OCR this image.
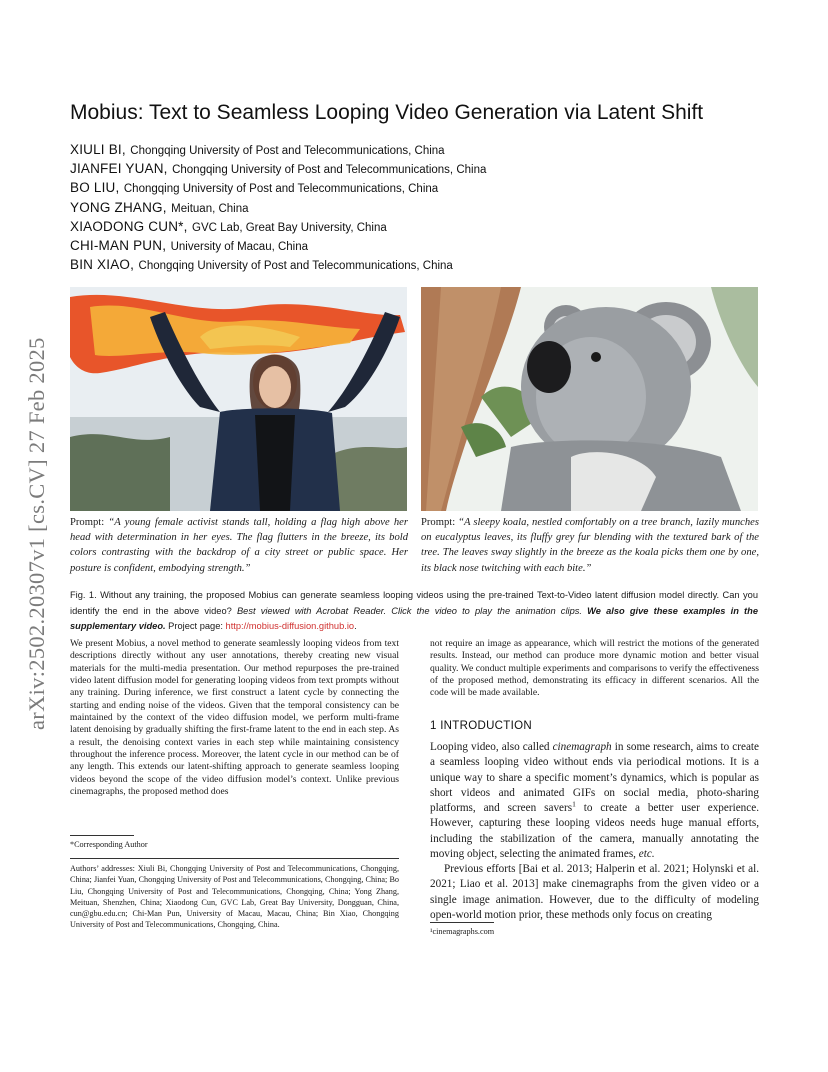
arXiv:2502.20307v1 [cs.CV] 27 Feb 2025
Mobius: Text to Seamless Looping Video Generation via Latent Shift
XIULI BI, Chongqing University of Post and Telecommunications, China
JIANFEI YUAN, Chongqing University of Post and Telecommunications, China
BO LIU, Chongqing University of Post and Telecommunications, China
YONG ZHANG, Meituan, China
XIAODONG CUN*, GVC Lab, Great Bay University, China
CHI-MAN PUN, University of Macau, China
BIN XIAO, Chongqing University of Post and Telecommunications, China
Prompt: “A young female activist stands tall, holding a flag high above her head with determination in her eyes. The flag flutters in the breeze, its bold colors contrasting with the backdrop of a city street or public space. Her posture is confident, embodying strength.”
Prompt: “A sleepy koala, nestled comfortably on a tree branch, lazily munches on eucalyptus leaves, its fluffy grey fur blending with the textured bark of the tree. The leaves sway slightly in the breeze as the koala picks them one by one, its black nose twitching with each bite.”
Fig. 1. Without any training, the proposed Mobius can generate seamless looping videos using the pre-trained Text-to-Video latent diffusion model directly. Can you identify the end in the above video? Best viewed with Acrobat Reader. Click the video to play the animation clips. We also give these examples in the supplementary video. Project page: http://mobius-diffusion.github.io.
We present Mobius, a novel method to generate seamlessly looping videos from text descriptions directly without any user annotations, thereby creating new visual materials for the multi-media presentation. Our method repurposes the pre-trained video latent diffusion model for generating looping videos from text prompts without any training. During inference, we first construct a latent cycle by connecting the starting and ending noise of the videos. Given that the temporal consistency can be maintained by the context of the video diffusion model, we perform multi-frame latent denoising by gradually shifting the first-frame latent to the end in each step. As a result, the denoising context varies in each step while maintaining consistency throughout the inference process. Moreover, the latent cycle in our method can be of any length. This extends our latent-shifting approach to generate seamless looping videos beyond the scope of the video diffusion model’s context. Unlike previous cinemagraphs, the proposed method does
not require an image as appearance, which will restrict the motions of the generated results. Instead, our method can produce more dynamic motion and better visual quality. We conduct multiple experiments and comparisons to verify the effectiveness of the proposed method, demonstrating its efficacy in different scenarios. All the code will be made available.
*Corresponding Author
Authors’ addresses: Xiuli Bi, Chongqing University of Post and Telecommunications, Chongqing, China; Jianfei Yuan, Chongqing University of Post and Telecommunications, Chongqing, China; Bo Liu, Chongqing University of Post and Telecommunications, Chongqing, China; Yong Zhang, Meituan, Shenzhen, China; Xiaodong Cun, GVC Lab, Great Bay University, Dongguan, China, cun@gbu.edu.cn; Chi-Man Pun, University of Macau, Macau, China; Bin Xiao, Chongqing University of Post and Telecommunications, Chongqing, China.
1 INTRODUCTION

Looping video, also called cinemagraph in some research, aims to create a seamless looping video without ends via periodical motions. It is a unique way to share a specific moment’s dynamics, which is popular as short videos and animated GIFs on social media, photo-sharing platforms, and screen savers$^1$ to create a better user experience. However, capturing these looping videos needs huge manual efforts, including the stabilization of the camera, manually annotating the moving object, selecting the animated frames, etc.

Previous efforts [Bai et al. 2013; Halperin et al. 2021; Holynski et al. 2021; Liao et al. 2013] make cinemagraphs from the given video or a single image animation. However, due to the difficulty of modeling open-world motion prior, these methods only focus on creating

¹cinemagraphs.com
